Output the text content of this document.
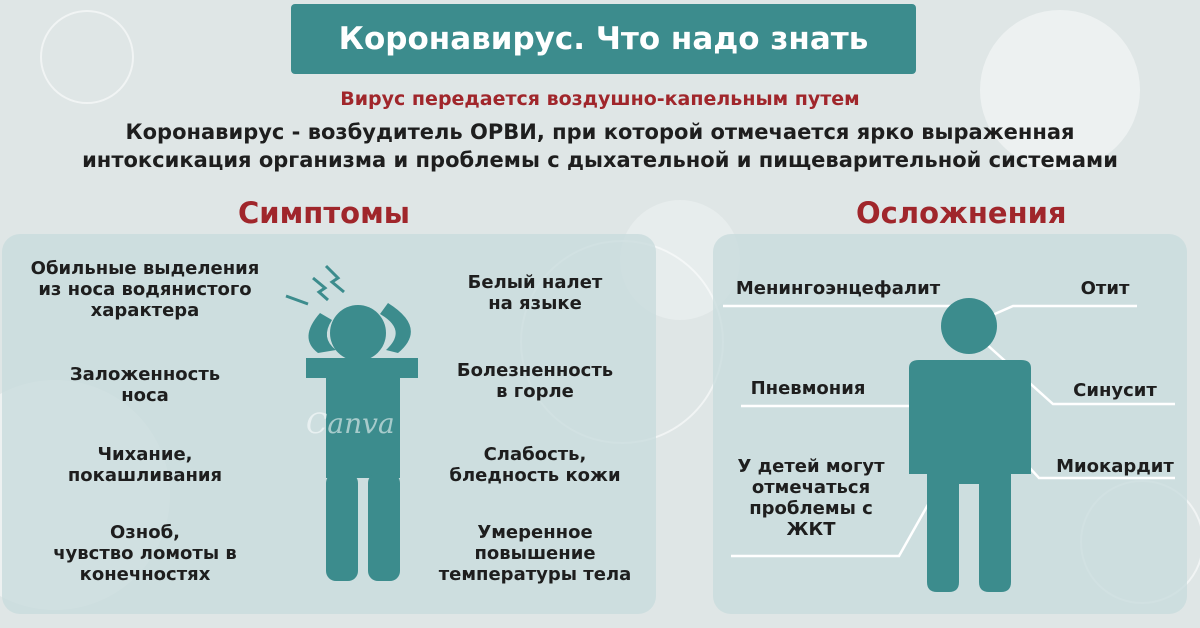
Коронавирус. Что надо знать
Вирус передается воздушно-капельным путем
Коронавирус - возбудитель ОРВИ, при которой отмечается ярко выраженная
интоксикация организма и проблемы с дыхательной и пищеварительной системами
Симптомы	Осложнения
Canva
Обильные выделения
из носа водянистого
характера
Заложенность
носа
Чихание,
покашливания
Озноб,
чувство ломоты в
конечностях
Белый налет
на языке
Болезненность
в горле
Слабость,
бледность кожи
Умеренное
повышение
температуры тела
Менингоэнцефалит	Отит
Пневмония	Синусит
Миокардит
У детей могут
отмечаться
проблемы с
ЖКТ
